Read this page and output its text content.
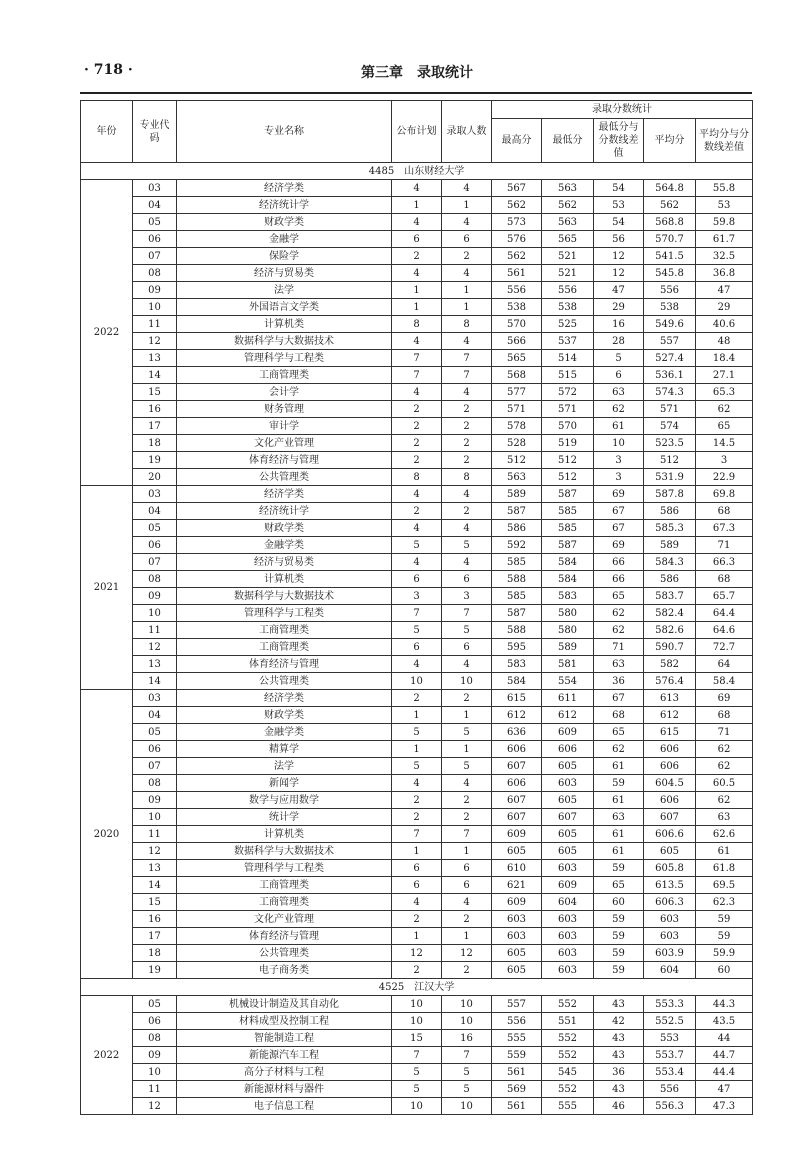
· 718 ·	第三章　录取统计
年份	专业代码	专业名称	公布计划	录取人数	录取分数统计				
					最高分	最低分	最低分与分数线差值	平均分	平均分与分数线差值
4485　山东财经大学									
2022	03	经济学类	4	4	567	563	54	564.8	55.8
	04	经济统计学	1	1	562	562	53	562	53
	05	财政学类	4	4	573	563	54	568.8	59.8
	06	金融学	6	6	576	565	56	570.7	61.7
	07	保险学	2	2	562	521	12	541.5	32.5
	08	经济与贸易类	4	4	561	521	12	545.8	36.8
	09	法学	1	1	556	556	47	556	47
	10	外国语言文学类	1	1	538	538	29	538	29
	11	计算机类	8	8	570	525	16	549.6	40.6
	12	数据科学与大数据技术	4	4	566	537	28	557	48
	13	管理科学与工程类	7	7	565	514	5	527.4	18.4
	14	工商管理类	7	7	568	515	6	536.1	27.1
	15	会计学	4	4	577	572	63	574.3	65.3
	16	财务管理	2	2	571	571	62	571	62
	17	审计学	2	2	578	570	61	574	65
	18	文化产业管理	2	2	528	519	10	523.5	14.5
	19	体育经济与管理	2	2	512	512	3	512	3
	20	公共管理类	8	8	563	512	3	531.9	22.9
2021	03	经济学类	4	4	589	587	69	587.8	69.8
	04	经济统计学	2	2	587	585	67	586	68
	05	财政学类	4	4	586	585	67	585.3	67.3
	06	金融学类	5	5	592	587	69	589	71
	07	经济与贸易类	4	4	585	584	66	584.3	66.3
	08	计算机类	6	6	588	584	66	586	68
	09	数据科学与大数据技术	3	3	585	583	65	583.7	65.7
	10	管理科学与工程类	7	7	587	580	62	582.4	64.4
	11	工商管理类	5	5	588	580	62	582.6	64.6
	12	工商管理类	6	6	595	589	71	590.7	72.7
	13	体育经济与管理	4	4	583	581	63	582	64
	14	公共管理类	10	10	584	554	36	576.4	58.4
2020	03	经济学类	2	2	615	611	67	613	69
	04	财政学类	1	1	612	612	68	612	68
	05	金融学类	5	5	636	609	65	615	71
	06	精算学	1	1	606	606	62	606	62
	07	法学	5	5	607	605	61	606	62
	08	新闻学	4	4	606	603	59	604.5	60.5
	09	数学与应用数学	2	2	607	605	61	606	62
	10	统计学	2	2	607	607	63	607	63
	11	计算机类	7	7	609	605	61	606.6	62.6
	12	数据科学与大数据技术	1	1	605	605	61	605	61
	13	管理科学与工程类	6	6	610	603	59	605.8	61.8
	14	工商管理类	6	6	621	609	65	613.5	69.5
	15	工商管理类	4	4	609	604	60	606.3	62.3
	16	文化产业管理	2	2	603	603	59	603	59
	17	体育经济与管理	1	1	603	603	59	603	59
	18	公共管理类	12	12	605	603	59	603.9	59.9
	19	电子商务类	2	2	605	603	59	604	60
4525　江汉大学									
2022	05	机械设计制造及其自动化	10	10	557	552	43	553.3	44.3
	06	材料成型及控制工程	10	10	556	551	42	552.5	43.5
	08	智能制造工程	15	16	555	552	43	553	44
	09	新能源汽车工程	7	7	559	552	43	553.7	44.7
	10	高分子材料与工程	5	5	561	545	36	553.4	44.4
	11	新能源材料与器件	5	5	569	552	43	556	47
	12	电子信息工程	10	10	561	555	46	556.3	47.3
